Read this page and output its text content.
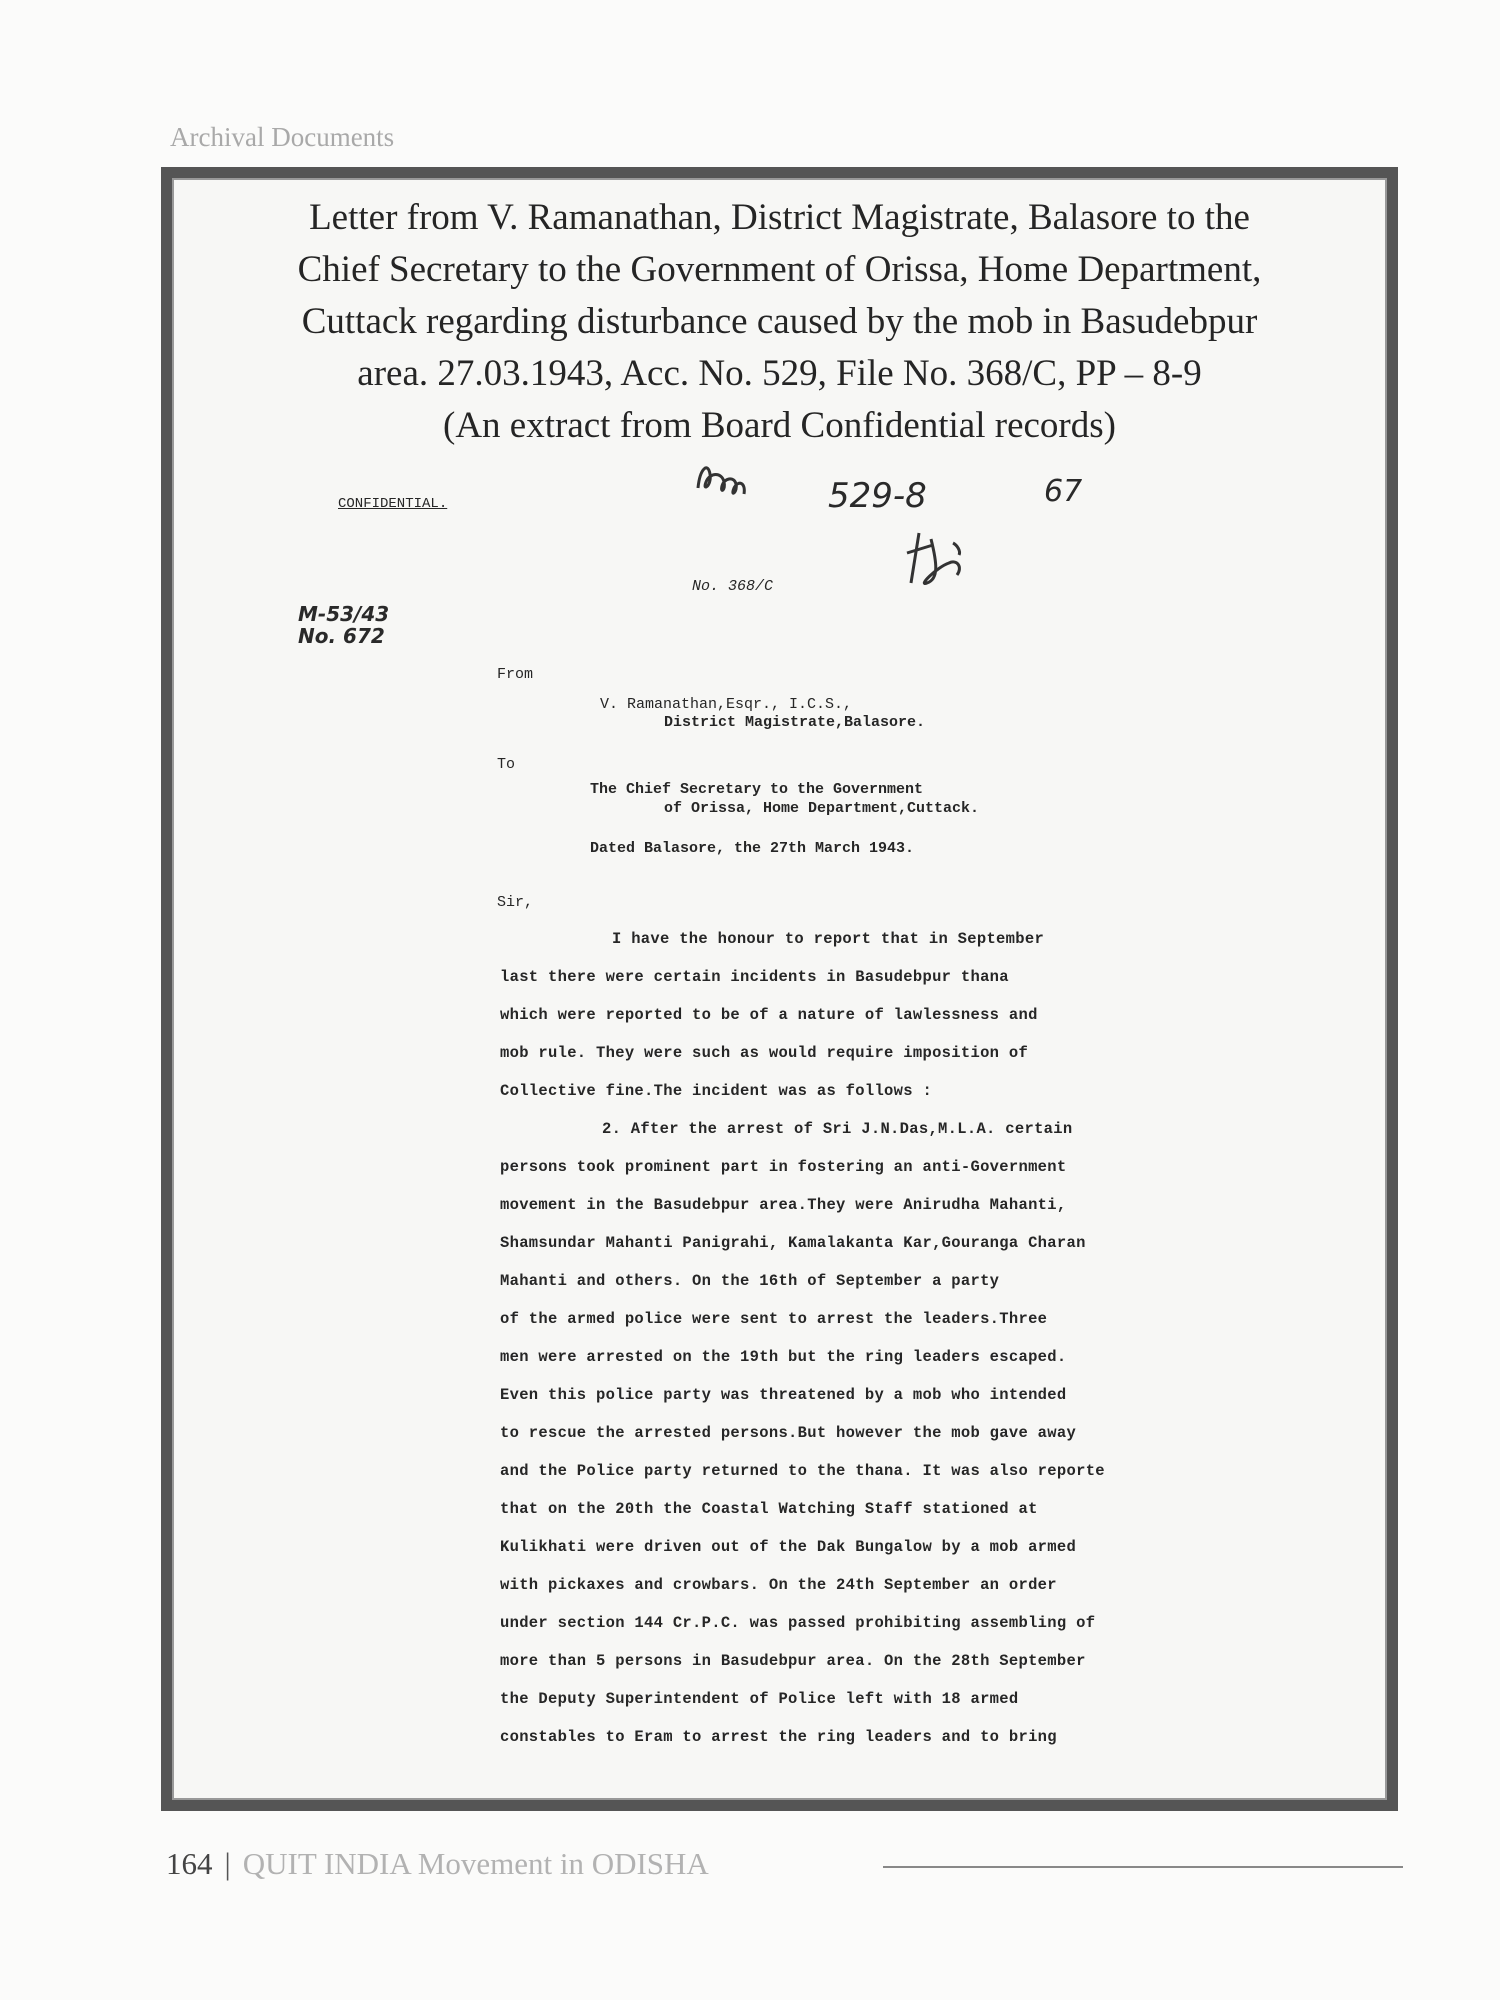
Archival Documents
Letter from V. Ramanathan, District Magistrate, Balasore to the
Chief Secretary to the Government of Orissa, Home Department,
Cuttack regarding disturbance caused by the mob in Basudebpur
area. 27.03.1943, Acc. No. 529, File No. 368/C, PP – 8-9
(An extract from Board Confidential records)
CONFIDENTIAL.	529-8	67
No. 368/C
M-53/43 No. 672
From
V. Ramanathan,Esqr., I.C.S.,
District Magistrate,Balasore.
To
The Chief Secretary to the Government
of Orissa, Home Department,Cuttack.
Dated Balasore, the 27th March 1943.
Sir,
I have the honour to report that in September
last there were certain incidents in Basudebpur thana
which were reported to be of a nature of lawlessness and
mob rule. They were such as would require imposition of
Collective fine.The incident was as follows :
2. After the arrest of Sri J.N.Das,M.L.A. certain
persons took prominent part in fostering an anti-Government
movement in the Basudebpur area.They were Anirudha Mahanti,
Shamsundar Mahanti Panigrahi, Kamalakanta Kar,Gouranga Charan
Mahanti and others. On the 16th of September a party
of the armed police were sent to arrest the leaders.Three
men were arrested on the 19th but the ring leaders escaped.
Even this police party was threatened by a mob who intended
to rescue the arrested persons.But however the mob gave away
and the Police party returned to the thana. It was also reporte
that on the 20th the Coastal Watching Staff stationed at
Kulikhati were driven out of the Dak Bungalow by a mob armed
with pickaxes and crowbars. On the 24th September an order
under section 144 Cr.P.C. was passed prohibiting assembling of
more than 5 persons in Basudebpur area. On the 28th September
the Deputy Superintendent of Police left with 18 armed
constables to Eram to arrest the ring leaders and to bring
164 | QUIT INDIA Movement in ODISHA
